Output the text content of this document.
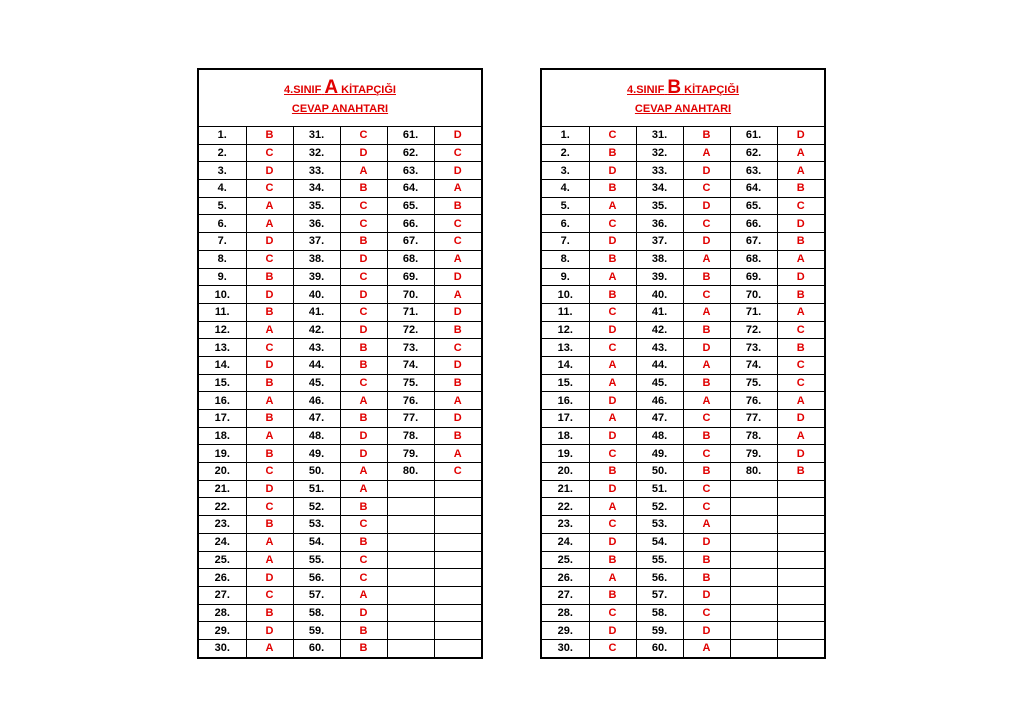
4.SINIF A KİTAPÇIĞI
CEVAP ANAHTARI
1.	B	31.	C	61.	D
2.	C	32.	D	62.	C
3.	D	33.	A	63.	D
4.	C	34.	B	64.	A
5.	A	35.	C	65.	B
6.	A	36.	C	66.	C
7.	D	37.	B	67.	C
8.	C	38.	D	68.	A
9.	B	39.	C	69.	D
10.	D	40.	D	70.	A
11.	B	41.	C	71.	D
12.	A	42.	D	72.	B
13.	C	43.	B	73.	C
14.	D	44.	B	74.	D
15.	B	45.	C	75.	B
16.	A	46.	A	76.	A
17.	B	47.	B	77.	D
18.	A	48.	D	78.	B
19.	B	49.	D	79.	A
20.	C	50.	A	80.	C
21.	D	51.	A		
22.	C	52.	B		
23.	B	53.	C		
24.	A	54.	B		
25.	A	55.	C		
26.	D	56.	C		
27.	C	57.	A		
28.	B	58.	D		
29.	D	59.	B		
30.	A	60.	B		
4.SINIF B KİTAPÇIĞI
CEVAP ANAHTARI
1.	C	31.	B	61.	D
2.	B	32.	A	62.	A
3.	D	33.	D	63.	A
4.	B	34.	C	64.	B
5.	A	35.	D	65.	C
6.	C	36.	C	66.	D
7.	D	37.	D	67.	B
8.	B	38.	A	68.	A
9.	A	39.	B	69.	D
10.	B	40.	C	70.	B
11.	C	41.	A	71.	A
12.	D	42.	B	72.	C
13.	C	43.	D	73.	B
14.	A	44.	A	74.	C
15.	A	45.	B	75.	C
16.	D	46.	A	76.	A
17.	A	47.	C	77.	D
18.	D	48.	B	78.	A
19.	C	49.	C	79.	D
20.	B	50.	B	80.	B
21.	D	51.	C		
22.	A	52.	C		
23.	C	53.	A		
24.	D	54.	D		
25.	B	55.	B		
26.	A	56.	B		
27.	B	57.	D		
28.	C	58.	C		
29.	D	59.	D		
30.	C	60.	A		
